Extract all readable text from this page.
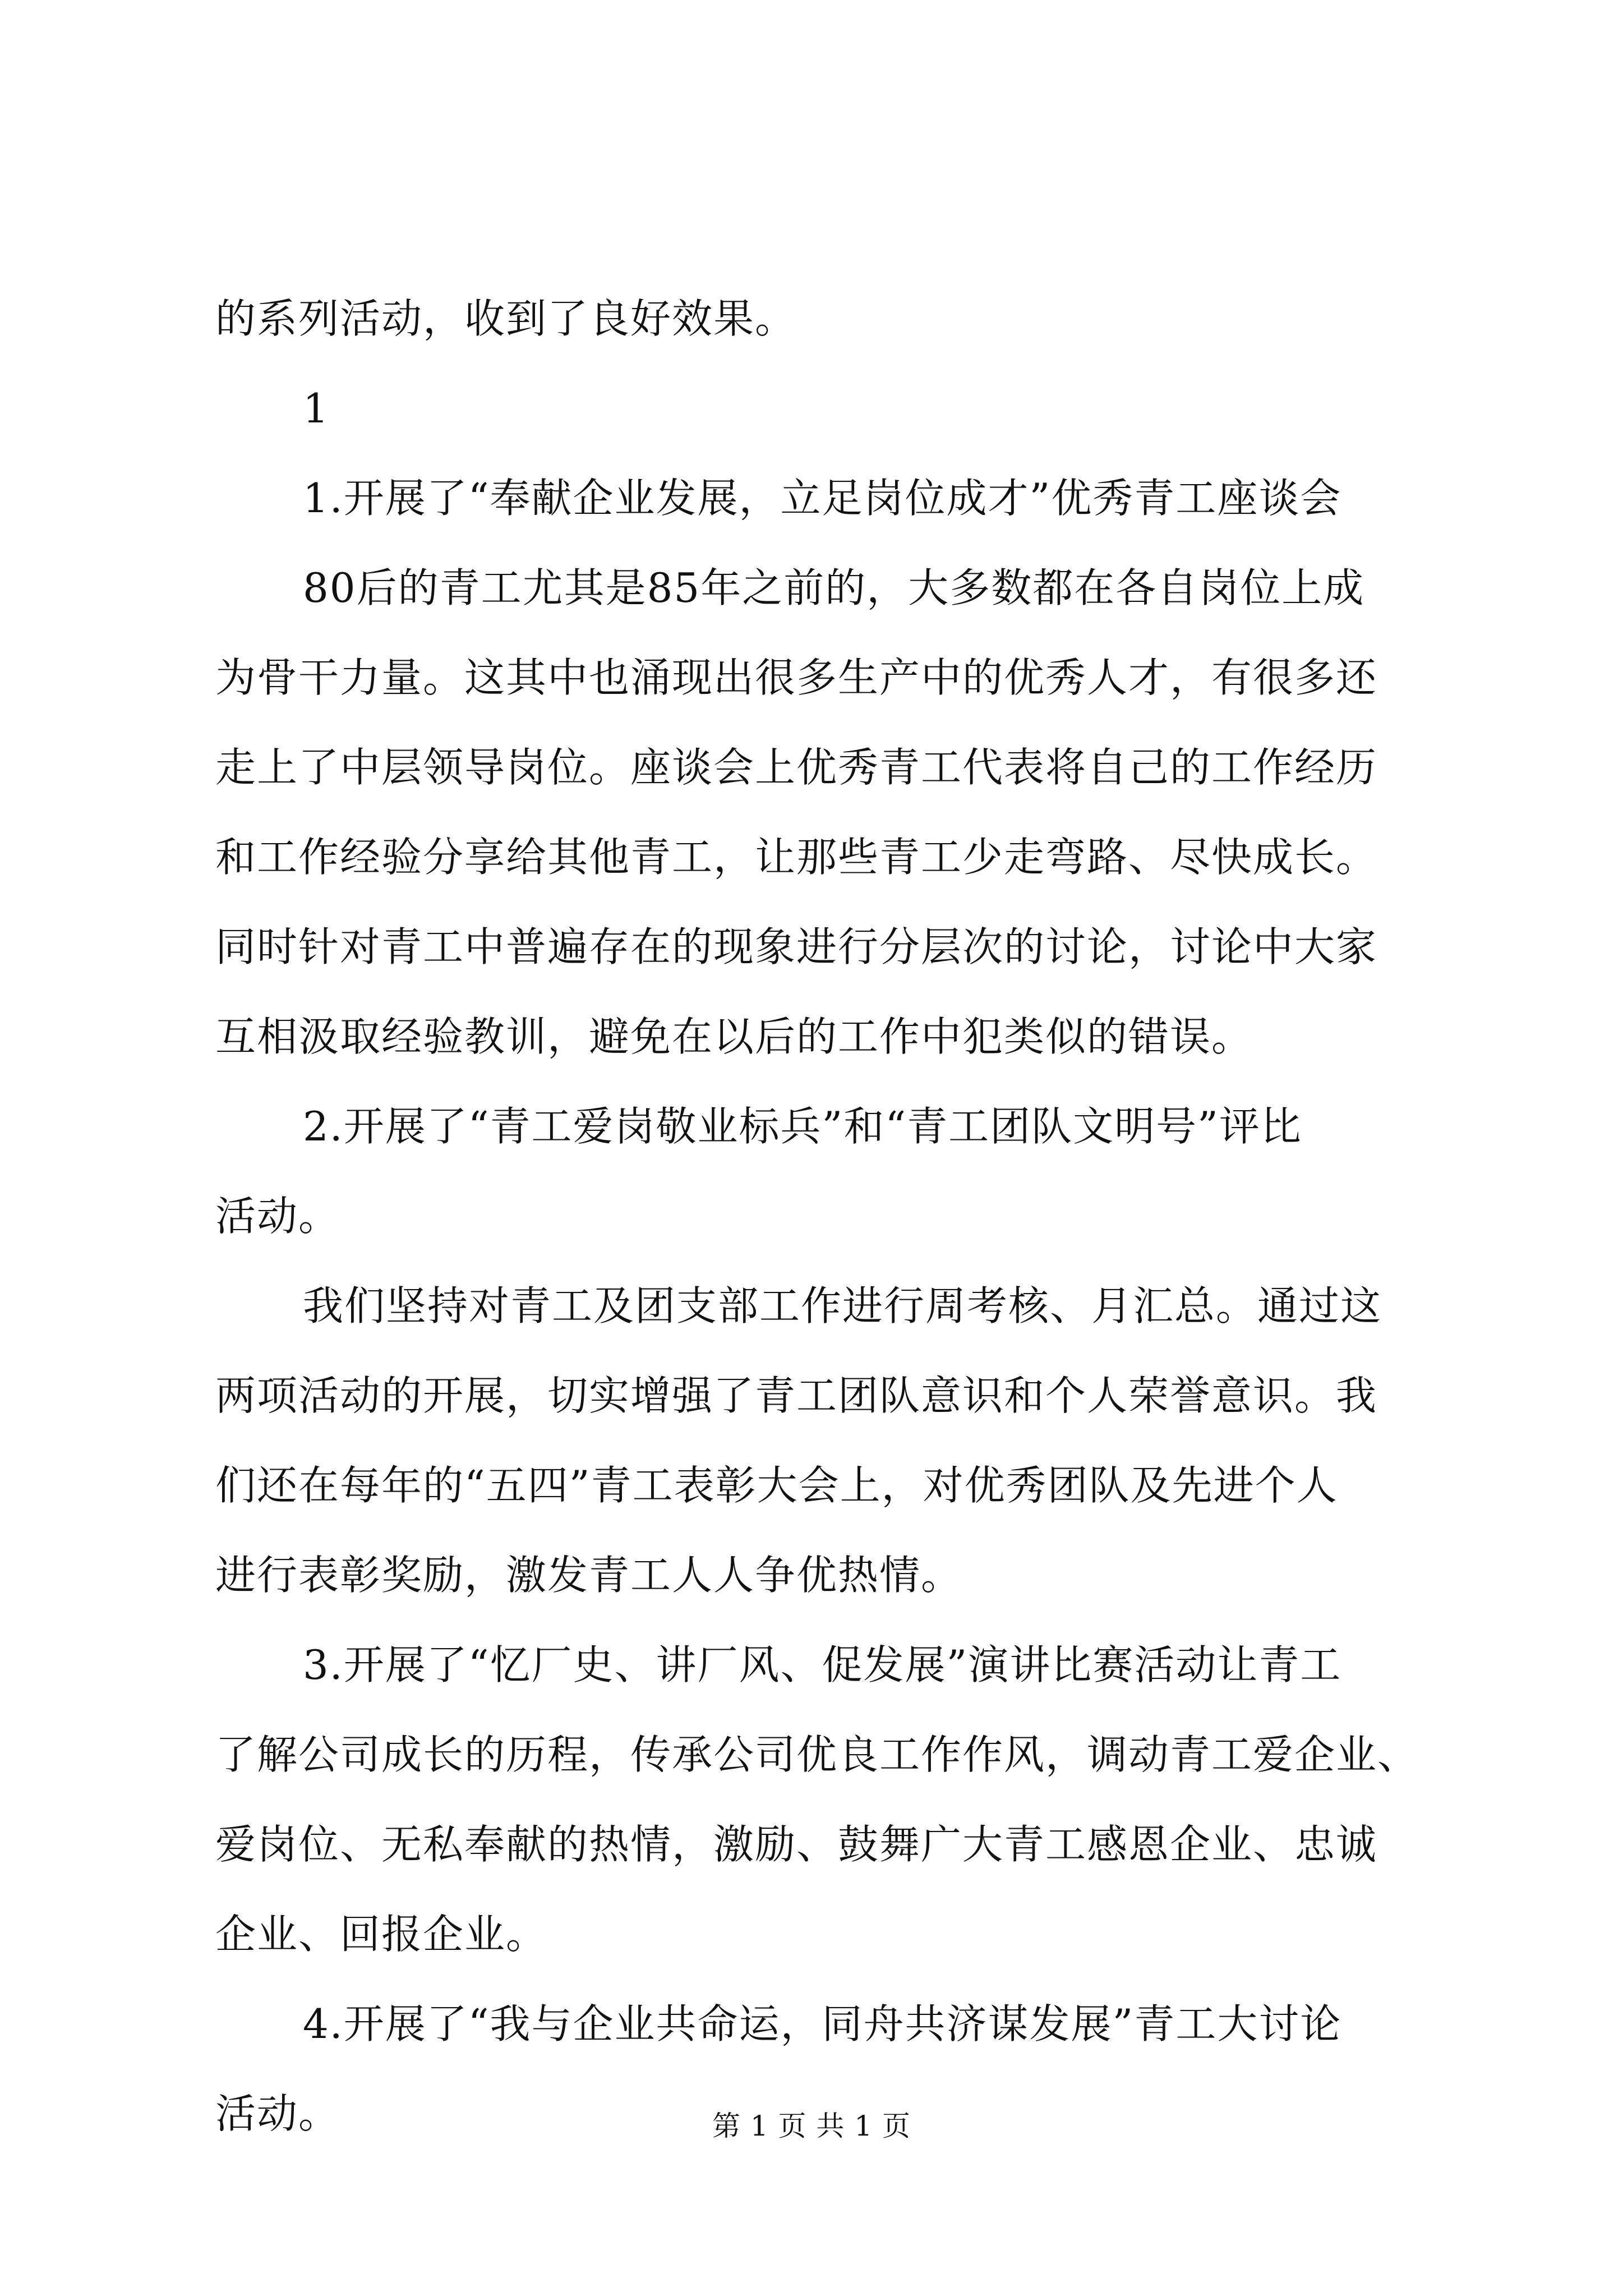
的系列活动，收到了良好效果。
1
1.开展了“奉献企业发展，立足岗位成才”优秀青工座谈会
80后的青工尤其是85年之前的，大多数都在各自岗位上成
为骨干力量。这其中也涌现出很多生产中的优秀人才，有很多还
走上了中层领导岗位。座谈会上优秀青工代表将自己的工作经历
和工作经验分享给其他青工，让那些青工少走弯路、尽快成长。
同时针对青工中普遍存在的现象进行分层次的讨论，讨论中大家
互相汲取经验教训，避免在以后的工作中犯类似的错误。
2.开展了“青工爱岗敬业标兵”和“青工团队文明号”评比
活动。
我们坚持对青工及团支部工作进行周考核、月汇总。通过这
两项活动的开展，切实增强了青工团队意识和个人荣誉意识。我
们还在每年的“五四”青工表彰大会上，对优秀团队及先进个人
进行表彰奖励，激发青工人人争优热情。
3.开展了“忆厂史、讲厂风、促发展”演讲比赛活动让青工
了解公司成长的历程，传承公司优良工作作风，调动青工爱企业、
爱岗位、无私奉献的热情，激励、鼓舞广大青工感恩企业、忠诚
企业、回报企业。
4.开展了“我与企业共命运，同舟共济谋发展”青工大讨论
活动。	第 1 页 共 1 页
